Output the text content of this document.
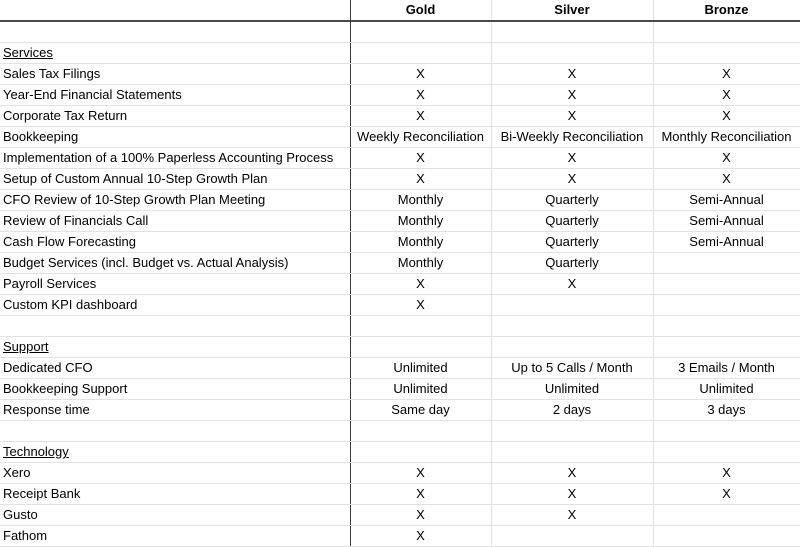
	Gold	Silver	Bronze

Services			
Sales Tax Filings	X	X	X
Year-End Financial Statements	X	X	X
Corporate Tax Return	X	X	X
Bookkeeping	Weekly Reconciliation	Bi-Weekly Reconciliation	Monthly Reconciliation
Implementation of a 100% Paperless Accounting Process	X	X	X
Setup of Custom Annual 10-Step Growth Plan	X	X	X
CFO Review of 10-Step Growth Plan Meeting	Monthly	Quarterly	Semi-Annual
Review of Financials Call	Monthly	Quarterly	Semi-Annual
Cash Flow Forecasting	Monthly	Quarterly	Semi-Annual
Budget Services (incl. Budget vs. Actual Analysis)	Monthly	Quarterly	
Payroll Services	X	X	
Custom KPI dashboard	X		

Support			
Dedicated CFO	Unlimited	Up to 5 Calls / Month	3 Emails / Month
Bookkeeping Support	Unlimited	Unlimited	Unlimited
Response time	Same day	2 days	3 days

Technology			
Xero	X	X	X
Receipt Bank	X	X	X
Gusto	X	X	
Fathom	X		
